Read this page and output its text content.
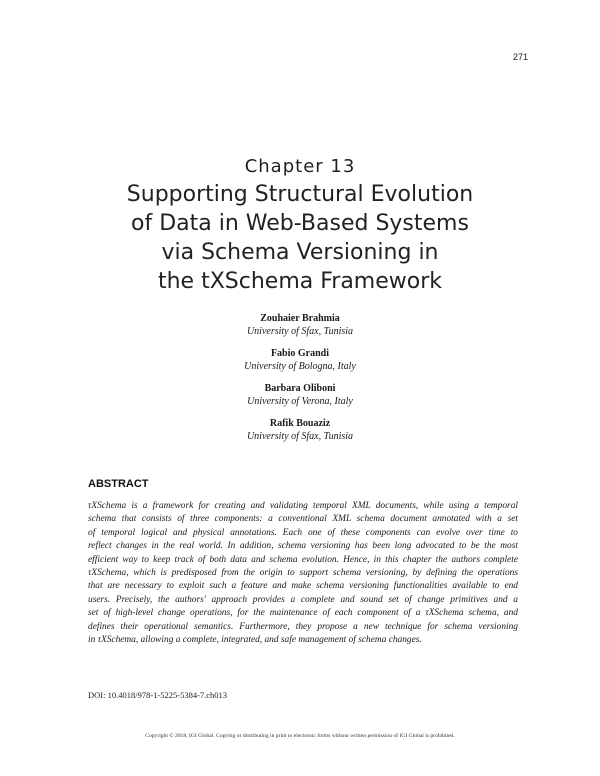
271
Chapter 13
Supporting Structural Evolution
of Data in Web-Based Systems
via Schema Versioning in
the tXSchema Framework
Zouhaier Brahmia
University of Sfax, Tunisia
Fabio Grandi
University of Bologna, Italy
Barbara Oliboni
University of Verona, Italy
Rafik Bouaziz
University of Sfax, Tunisia
ABSTRACT
τXSchema is a framework for creating and validating temporal XML documents, while using a temporal
schema that consists of three components: a conventional XML schema document annotated with a set
of temporal logical and physical annotations. Each one of these components can evolve over time to
reflect changes in the real world. In addition, schema versioning has been long advocated to be the most
efficient way to keep track of both data and schema evolution. Hence, in this chapter the authors complete
τXSchema, which is predisposed from the origin to support schema versioning, by defining the operations
that are necessary to exploit such a feature and make schema versioning functionalities available to end
users. Precisely, the authors' approach provides a complete and sound set of change primitives and a
set of high-level change operations, for the maintenance of each component of a τXSchema schema, and
defines their operational semantics. Furthermore, they propose a new technique for schema versioning
in τXSchema, allowing a complete, integrated, and safe management of schema changes.
DOI: 10.4018/978-1-5225-5384-7.ch013
Copyright © 2018, IGI Global. Copying or distributing in print or electronic forms without written permission of IGI Global is prohibited.
